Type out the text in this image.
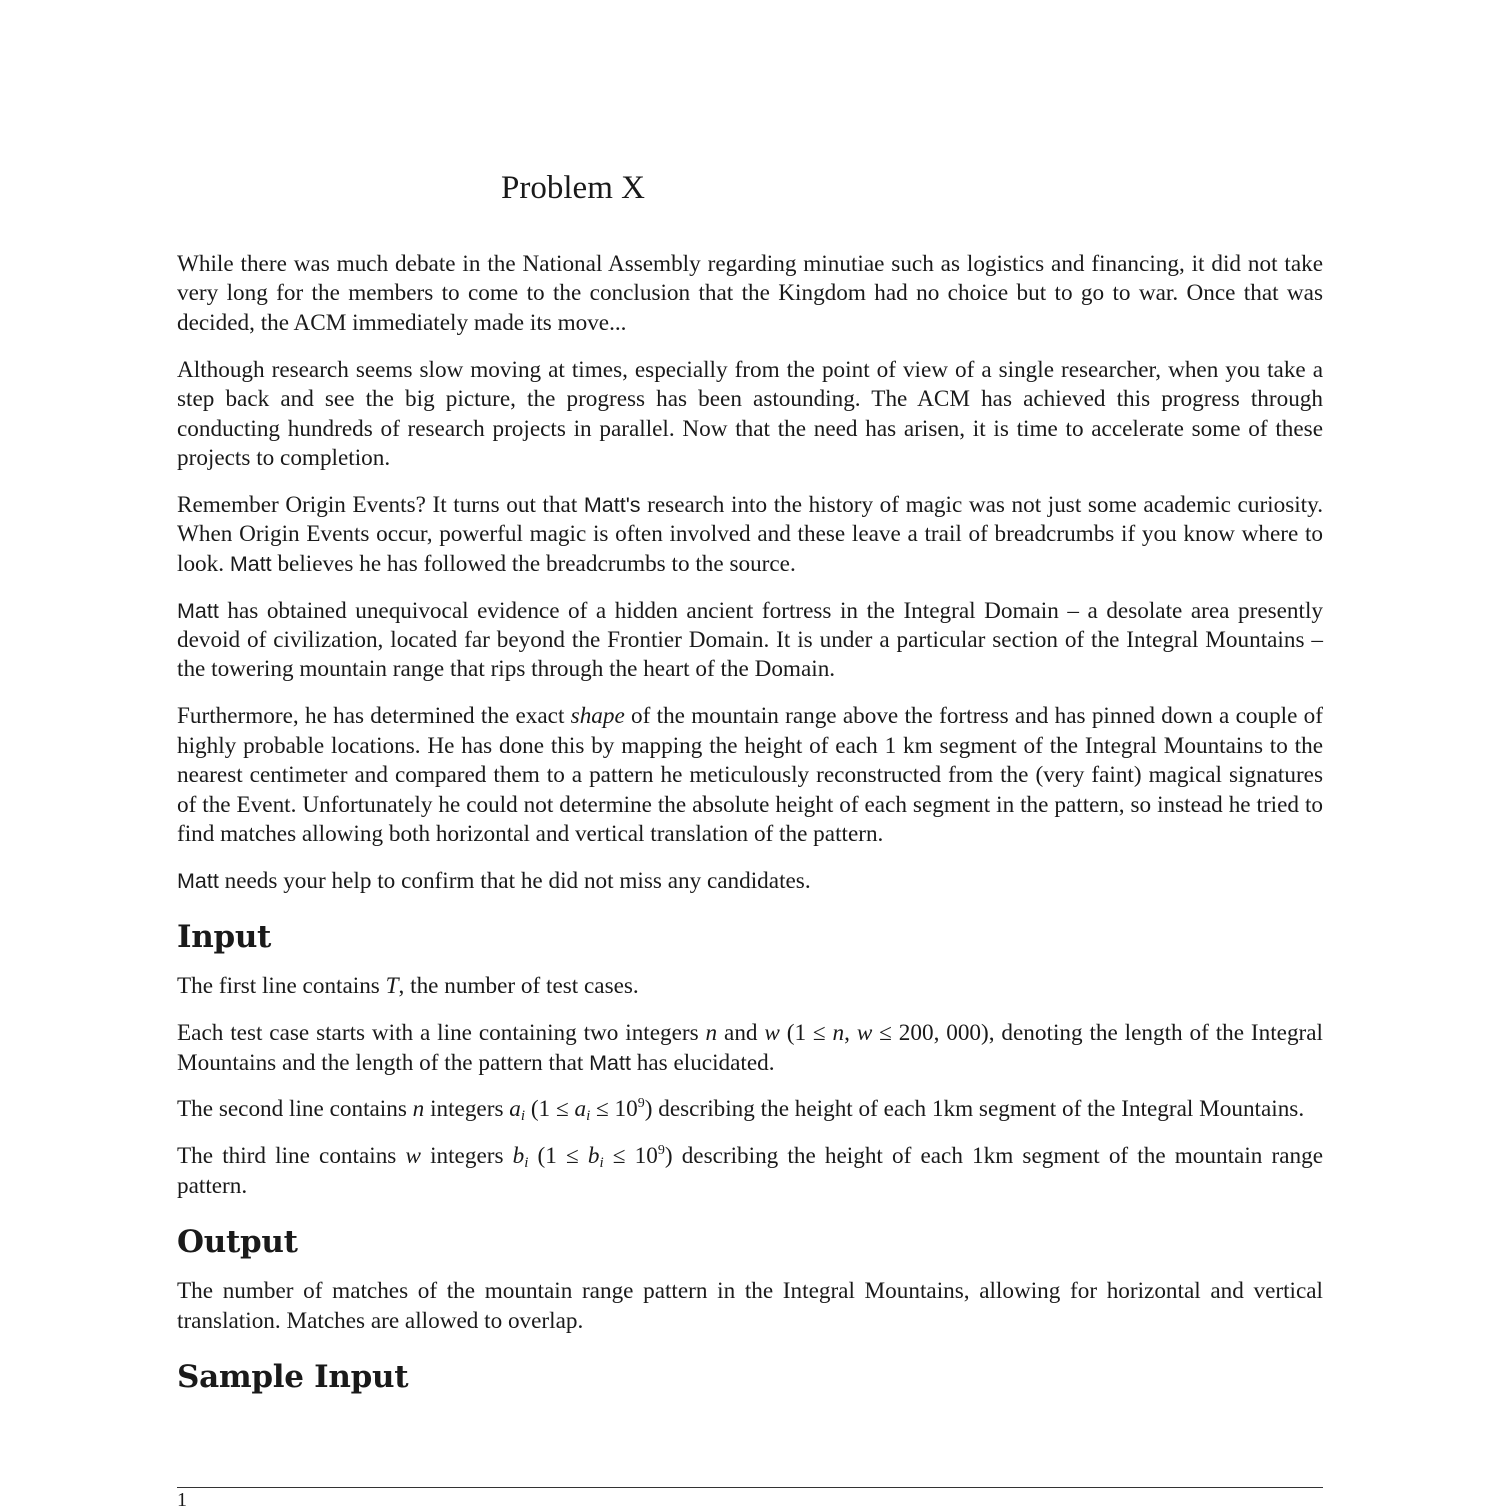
Problem X

While there was much debate in the National Assembly regarding minutiae such as logistics and financing, it did not take very long for the members to come to the conclusion that the Kingdom had no choice but to go to war. Once that was decided, the ACM immediately made its move...

Although research seems slow moving at times, especially from the point of view of a single researcher, when you take a step back and see the big picture, the progress has been astounding. The ACM has achieved this progress through conducting hundreds of research projects in parallel. Now that the need has arisen, it is time to accelerate some of these projects to completion.

Remember Origin Events? It turns out that Matt's research into the history of magic was not just some academic curiosity. When Origin Events occur, powerful magic is often involved and these leave a trail of breadcrumbs if you know where to look. Matt believes he has followed the breadcrumbs to the source.

Matt has obtained unequivocal evidence of a hidden ancient fortress in the Integral Domain – a desolate area presently devoid of civilization, located far beyond the Frontier Domain. It is under a particular section of the Integral Mountains – the towering mountain range that rips through the heart of the Domain.

Furthermore, he has determined the exact shape of the mountain range above the fortress and has pinned down a couple of highly probable locations. He has done this by mapping the height of each 1 km segment of the Integral Mountains to the nearest centimeter and compared them to a pattern he meticulously reconstructed from the (very faint) magical signatures of the Event. Unfortunately he could not determine the absolute height of each segment in the pattern, so instead he tried to find matches allowing both horizontal and vertical translation of the pattern.

Matt needs your help to confirm that he did not miss any candidates.

Input

The first line contains T, the number of test cases.

Each test case starts with a line containing two integers n and w (1 ≤ n, w ≤ 200, 000), denoting the length of the Integral Mountains and the length of the pattern that Matt has elucidated.

The second line contains n integers $a_i$ $(1 \le a_i \le 10^9)$ describing the height of each 1km segment of the Integral Mountains.

The third line contains w integers $b_i$ $(1 \le b_i \le 10^9)$ describing the height of each 1km segment of the mountain range pattern.

Output

The number of matches of the mountain range pattern in the Integral Mountains, allowing for horizontal and vertical translation. Matches are allowed to overlap.

Sample Input
1
